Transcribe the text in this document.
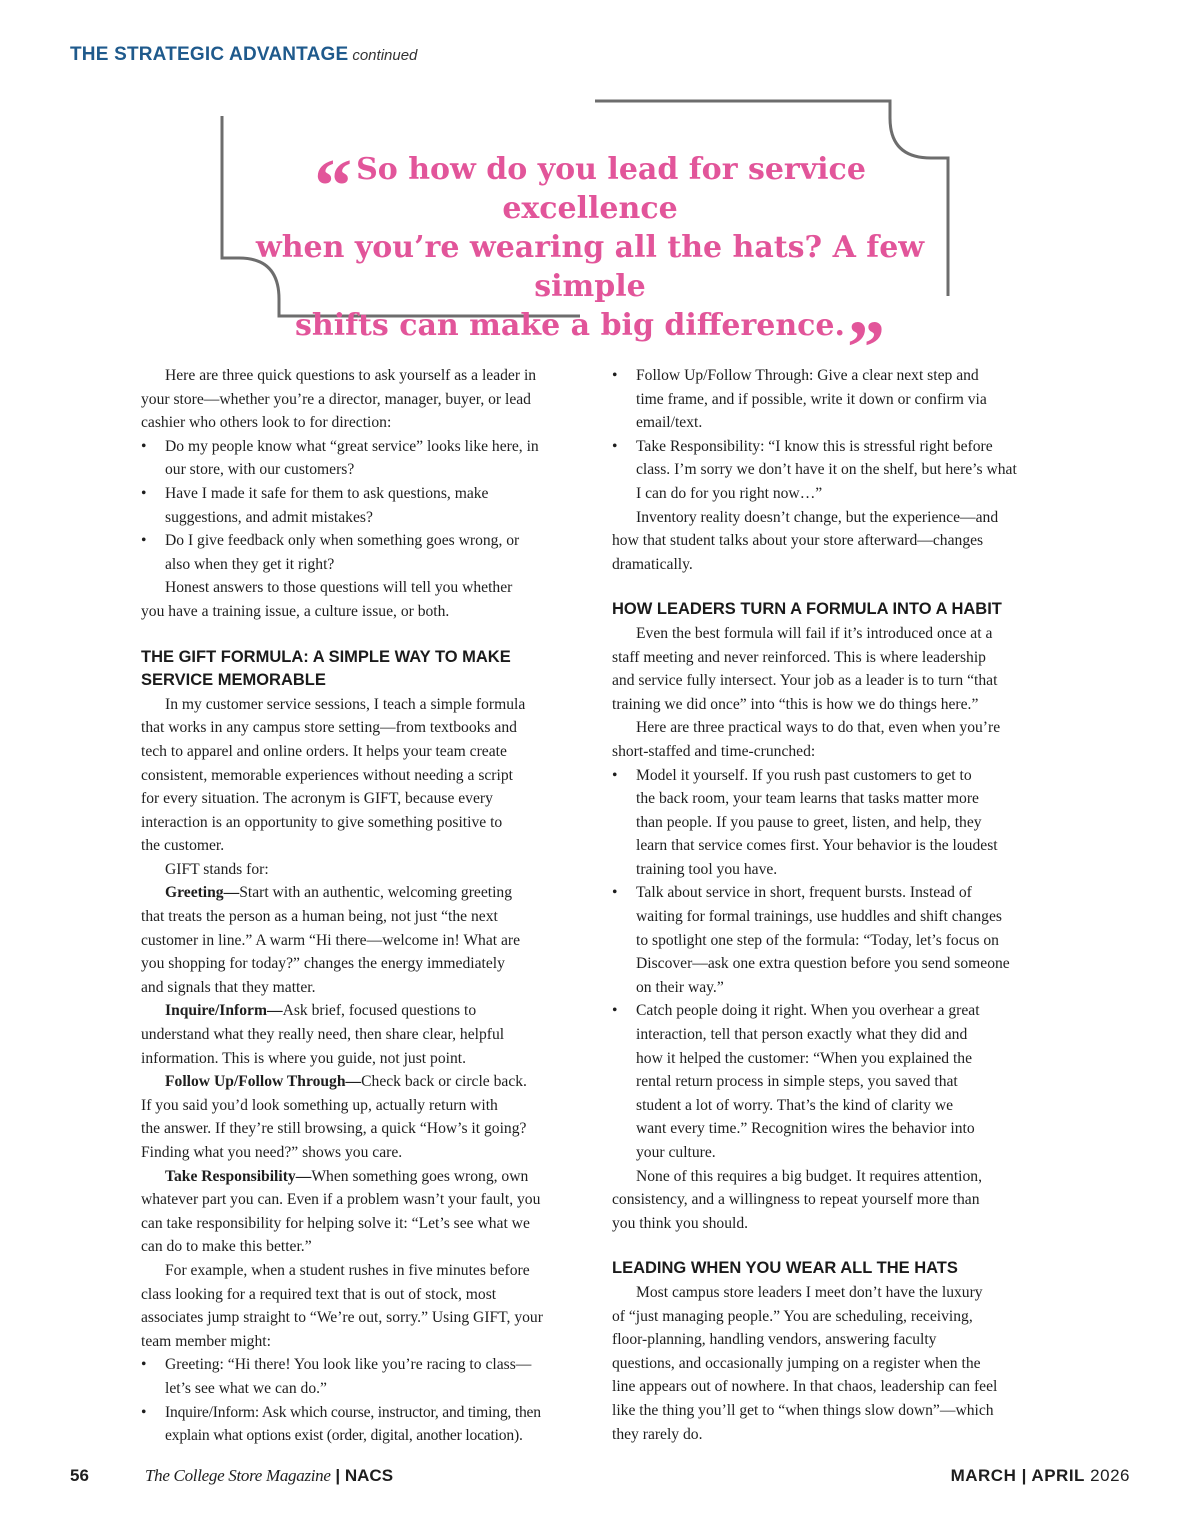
THE STRATEGIC ADVANTAGE continued
“ So how do you lead for service excellence
when you’re wearing all the hats? A few simple
shifts can make a big difference.”

Here are three quick questions to ask yourself as a leader in
your store—whether you’re a director, manager, buyer, or lead
cashier who others look to for direction:

• Do my people know what “great service” looks like here, in
our store, with our customers?

• Have I made it safe for them to ask questions, make
suggestions, and admit mistakes?

• Do I give feedback only when something goes wrong, or
also when they get it right?

Honest answers to those questions will tell you whether
you have a training issue, a culture issue, or both.

THE GIFT FORMULA: A SIMPLE WAY TO MAKE
SERVICE MEMORABLE

In my customer service sessions, I teach a simple formula
that works in any campus store setting—from textbooks and
tech to apparel and online orders. It helps your team create
consistent, memorable experiences without needing a script
for every situation. The acronym is GIFT, because every
interaction is an opportunity to give something positive to
the customer.

GIFT stands for:

Greeting—Start with an authentic, welcoming greeting
that treats the person as a human being, not just “the next
customer in line.” A warm “Hi there—welcome in! What are
you shopping for today?” changes the energy immediately
and signals that they matter.

Inquire/Inform—Ask brief, focused questions to
understand what they really need, then share clear, helpful
information. This is where you guide, not just point.

Follow Up/Follow Through—Check back or circle back.
If you said you’d look something up, actually return with
the answer. If they’re still browsing, a quick “How’s it going?
Finding what you need?” shows you care.

Take Responsibility—When something goes wrong, own
whatever part you can. Even if a problem wasn’t your fault, you
can take responsibility for helping solve it: “Let’s see what we
can do to make this better.”

For example, when a student rushes in five minutes before
class looking for a required text that is out of stock, most
associates jump straight to “We’re out, sorry.” Using GIFT, your
team member might:

• Greeting: “Hi there! You look like you’re racing to class—
let’s see what we can do.”

• Inquire/Inform: Ask which course, instructor, and timing, then
explain what options exist (order, digital, another location).

• Follow Up/Follow Through: Give a clear next step and
time frame, and if possible, write it down or confirm via
email/text.

• Take Responsibility: “I know this is stressful right before
class. I’m sorry we don’t have it on the shelf, but here’s what
I can do for you right now…”

Inventory reality doesn’t change, but the experience—and
how that student talks about your store afterward—changes
dramatically.

HOW LEADERS TURN A FORMULA INTO A HABIT

Even the best formula will fail if it’s introduced once at a
staff meeting and never reinforced. This is where leadership
and service fully intersect. Your job as a leader is to turn “that
training we did once” into “this is how we do things here.”

Here are three practical ways to do that, even when you’re
short-staffed and time-crunched:

• Model it yourself. If you rush past customers to get to
the back room, your team learns that tasks matter more
than people. If you pause to greet, listen, and help, they
learn that service comes first. Your behavior is the loudest
training tool you have.

• Talk about service in short, frequent bursts. Instead of
waiting for formal trainings, use huddles and shift changes
to spotlight one step of the formula: “Today, let’s focus on
Discover—ask one extra question before you send someone
on their way.”

• Catch people doing it right. When you overhear a great
interaction, tell that person exactly what they did and
how it helped the customer: “When you explained the
rental return process in simple steps, you saved that
student a lot of worry. That’s the kind of clarity we
want every time.” Recognition wires the behavior into
your culture.

None of this requires a big budget. It requires attention,
consistency, and a willingness to repeat yourself more than
you think you should.

LEADING WHEN YOU WEAR ALL THE HATS

Most campus store leaders I meet don’t have the luxury
of “just managing people.” You are scheduling, receiving,
floor-planning, handling vendors, answering faculty
questions, and occasionally jumping on a register when the
line appears out of nowhere. In that chaos, leadership can feel
like the thing you’ll get to “when things slow down”—which
they rarely do.

56	The College Store Magazine | NACS	MARCH | APRIL 2026
